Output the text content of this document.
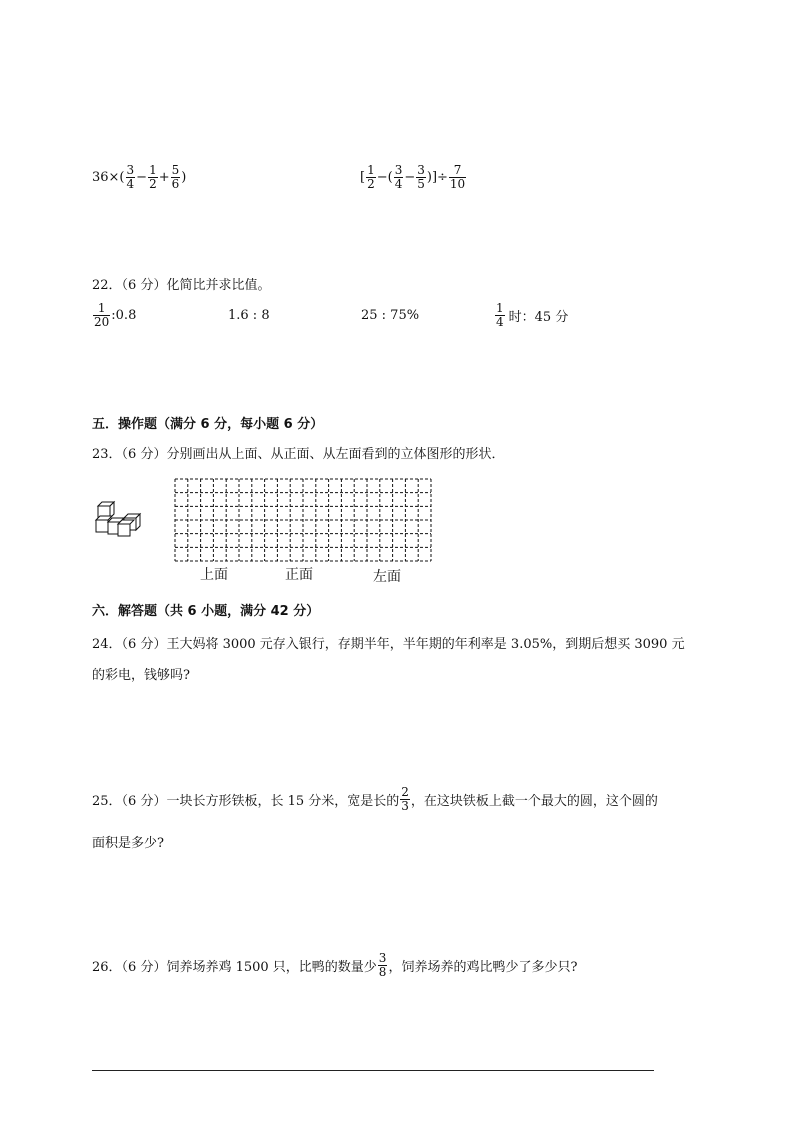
$36\times( \frac{3}{4} - \frac{1}{2} + \frac{5}{6}$ )	[ $\frac{1}{2}$ −( $\frac{3}{4} - \frac{3}{5}$ )]÷ $\frac{7}{10}$
22．（6 分）化简比并求比值。
$\frac{1}{20}$ :0.8	1.6 : 8	25 : 75%	$\frac{1}{4}$ 时：45 分
五．操作题（满分 6 分，每小题 6 分）
23．（6 分）分别画出从上面、从正面、从左面看到的立体图形的形状．
上面	正面	左面
六．解答题（共 6 小题，满分 42 分）
24．（6 分）王大妈将 3000 元存入银行，存期半年，半年期的年利率是 3.05%，到期后想买 3090 元
的彩电，钱够吗?
25．（6 分）一块长方形铁板，长 15 分米，宽是长的 $\frac{2}{3}$ ，在这块铁板上截一个最大的圆，这个圆的
面积是多少?
26．（6 分）饲养场养鸡 1500 只，比鸭的数量少 $\frac{3}{8}$ ，饲养场养的鸡比鸭少了多少只?
